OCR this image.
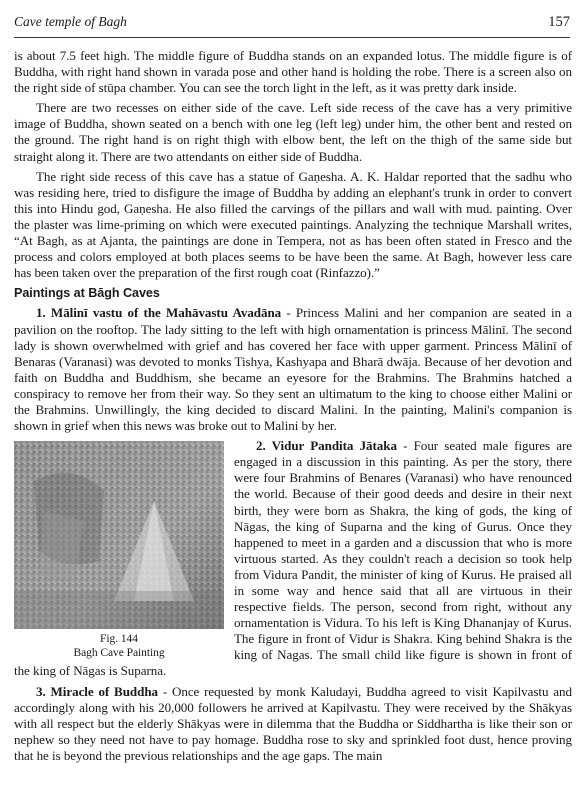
Cave temple of Bagh	157

is about 7.5 feet high. The middle figure of Buddha stands on an expanded lotus. The middle figure is of Buddha, with right hand shown in varada pose and other hand is holding the robe. There is a screen also on the right side of stūpa chamber. You can see the torch light in the left, as it was pretty dark inside.

There are two recesses on either side of the cave. Left side recess of the cave has a very primitive image of Buddha, shown seated on a bench with one leg (left leg) under him, the other bent and rested on the ground. The right hand is on right thigh with elbow bent, the left on the thigh of the same side but straight along it. There are two attendants on either side of Buddha.

The right side recess of this cave has a statue of Gaṇesha. A. K. Haldar reported that the sadhu who was residing here, tried to disfigure the image of Buddha by adding an elephant's trunk in order to convert this into Hindu god, Gaṇesha. He also filled the carvings of the pillars and wall with mud. painting. Over the plaster was lime-priming on which were executed paintings. Analyzing the technique Marshall writes, “At Bagh, as at Ajanta, the paintings are done in Tempera, not as has been often stated in Fresco and the process and colors employed at both places seems to be have been the same. At Bagh, however less care has been taken over the preparation of the first rough coat (Rinfazzo).”

Paintings at Bāgh Caves

1. Mālinī vastu of the Mahāvastu Avadāna - Princess Malini and her companion are seated in a pavilion on the rooftop. The lady sitting to the left with high ornamentation is princess Mālinī. The second lady is shown overwhelmed with grief and has covered her face with upper garment. Princess Mālinī of Benaras (Varanasi) was devoted to monks Tishya, Kashyapa and Bharā dwāja. Because of her devotion and faith on Buddha and Buddhism, she became an eyesore for the Brahmins. The Brahmins hatched a conspiracy to remove her from their way. So they sent an ultimatum to the king to choose either Malini or the Brahmins. Unwillingly, the king decided to discard Malini. In the painting, Malini's companion is shown in grief when this news was broke out to Malini by her.

Fig. 144
Bagh Cave Painting

2. Vidur Pandita Jātaka - Four seated male figures are engaged in a discussion in this painting. As per the story, there were four Brahmins of Benares (Varanasi) who have renounced the world. Because of their good deeds and desire in their next birth, they were born as Shakra, the king of gods, the king of Nāgas, the king of Suparna and the king of Gurus. Once they happened to meet in a garden and a discussion that who is more virtuous started. As they couldn't reach a decision so took help from Vidura Pandit, the minister of king of Kurus. He praised all in some way and hence said that all are virtuous in their respective fields. The person, second from right, without any ornamentation is Vidura. To his left is King Dhananjay of Kurus. The figure in front of Vidur is Shakra. King behind Shakra is the king of Nagas. The small child like figure is shown in front of the king of Nāgas is Suparna.

3. Miracle of Buddha - Once requested by monk Kaludayi, Buddha agreed to visit Kapilvastu and accordingly along with his 20,000 followers he arrived at Kapilvastu. They were received by the Shākyas with all respect but the elderly Shākyas were in dilemma that the Buddha or Siddhartha is like their son or nephew so they need not have to pay homage. Buddha rose to sky and sprinkled foot dust, hence proving that he is beyond the previous relationships and the age gaps. The main
